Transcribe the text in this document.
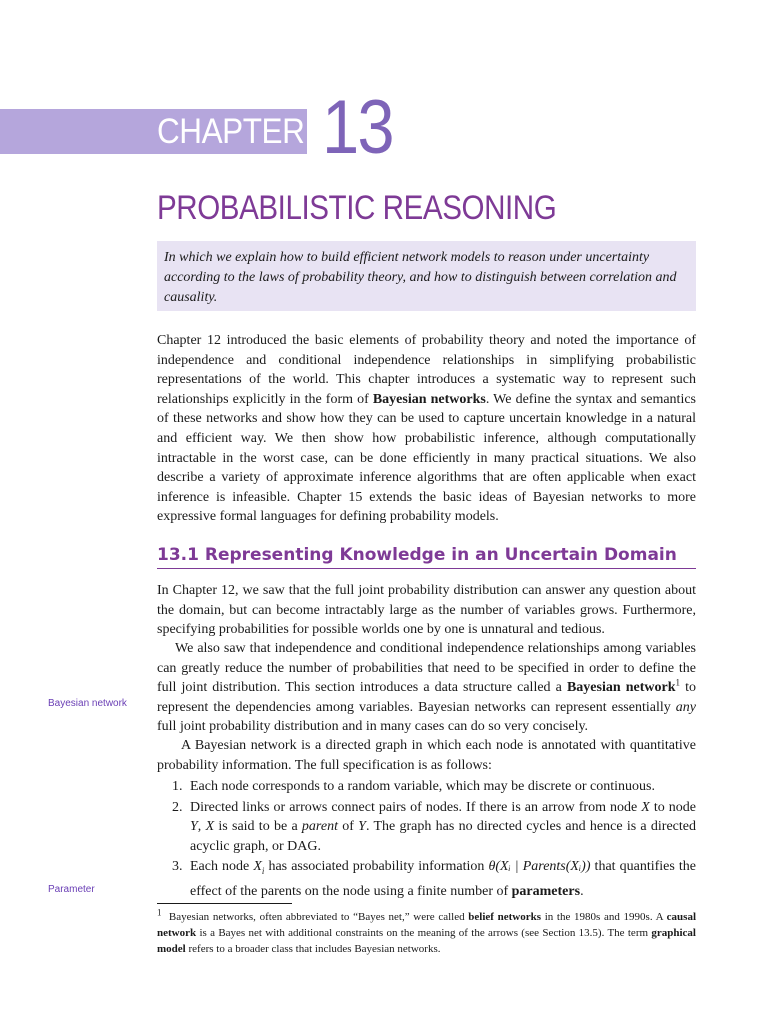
CHAPTER 13
PROBABILISTIC REASONING
In which we explain how to build efficient network models to reason under uncertainty according to the laws of probability theory, and how to distinguish between correlation and causality.
Chapter 12 introduced the basic elements of probability theory and noted the importance of independence and conditional independence relationships in simplifying probabilistic representations of the world. This chapter introduces a systematic way to represent such relationships explicitly in the form of Bayesian networks. We define the syntax and semantics of these networks and show how they can be used to capture uncertain knowledge in a natural and efficient way. We then show how probabilistic inference, although computationally intractable in the worst case, can be done efficiently in many practical situations. We also describe a variety of approximate inference algorithms that are often applicable when exact inference is infeasible. Chapter 15 extends the basic ideas of Bayesian networks to more expressive formal languages for defining probability models.
13.1 Representing Knowledge in an Uncertain Domain
In Chapter 12, we saw that the full joint probability distribution can answer any question about the domain, but can become intractably large as the number of variables grows. Furthermore, specifying probabilities for possible worlds one by one is unnatural and tedious.
We also saw that independence and conditional independence relationships among variables can greatly reduce the number of probabilities that need to be specified in order to define the full joint distribution. This section introduces a data structure called a Bayesian network$^1$ to represent the dependencies among variables. Bayesian networks can represent essentially any full joint probability distribution and in many cases can do so very concisely.
Bayesian network
A Bayesian network is a directed graph in which each node is annotated with quantitative probability information. The full specification is as follows:
1. Each node corresponds to a random variable, which may be discrete or continuous.
2. Directed links or arrows connect pairs of nodes. If there is an arrow from node X to node Y, X is said to be a parent of Y. The graph has no directed cycles and hence is a directed acyclic graph, or DAG.
3. Each node $X_i$ has associated probability information θ(Xᵢ | Parents(Xᵢ)) that quantifies the effect of the parents on the node using a finite number of parameters.
Parameter
$^1$ Bayesian networks, often abbreviated to “Bayes net,” were called belief networks in the 1980s and 1990s. A causal network is a Bayes net with additional constraints on the meaning of the arrows (see Section 13.5). The term graphical model refers to a broader class that includes Bayesian networks.
